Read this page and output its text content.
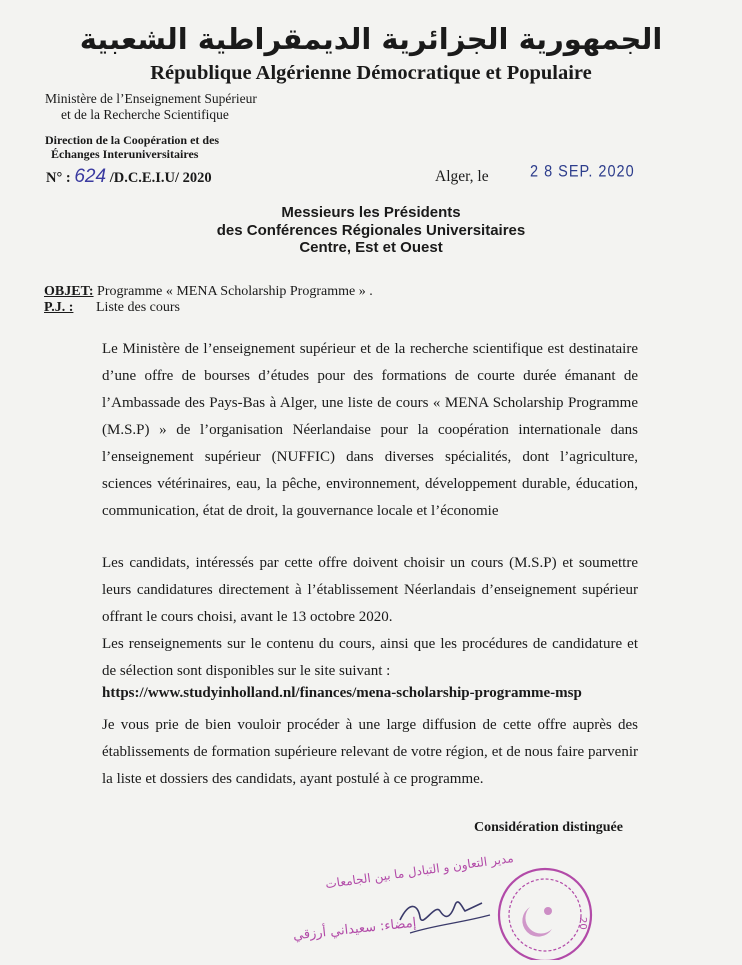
الجمهورية الجزائرية الديمقراطية الشعبية
République Algérienne Démocratique et Populaire
Ministère de l’Enseignement Supérieur
et de la Recherche Scientifique
Direction de la Coopération et des
Échanges Interuniversitaires
N° : 624 /D.C.E.I.U/ 2020	Alger, le	2 8 SEP. 2020
Messieurs les Présidents
des Conférences Régionales Universitaires
Centre, Est et Ouest
OBJET: Programme « MENA Scholarship Programme » .
P.J. : Liste des cours

Le Ministère de l’enseignement supérieur et de la recherche scientifique est destinataire d’une offre de bourses d’études pour des formations de courte durée émanant de l’Ambassade des Pays-Bas à Alger, une liste de cours « MENA Scholarship Programme (M.S.P) » de l’organisation Néerlandaise pour la coopération internationale dans l’enseignement supérieur (NUFFIC) dans diverses spécialités, dont l’agriculture, sciences vétérinaires, eau, la pêche, environnement, développement durable, éducation, communication, état de droit, la gouvernance locale et l’économie

Les candidats, intéressés par cette offre doivent choisir un cours (M.S.P) et soumettre leurs candidatures directement à l’établissement Néerlandais d’enseignement supérieur offrant le cours choisi, avant le 13 octobre 2020.

Les renseignements sur le contenu du cours, ainsi que les procédures de candidature et de sélection sont disponibles sur le site suivant :

https://www.studyinholland.nl/finances/mena-scholarship-programme-msp

Je vous prie de bien vouloir procéder à une large diffusion de cette offre auprès des établissements de formation supérieure relevant de votre région, et de nous faire parvenir la liste et dossiers des candidats, ayant postulé à ce programme.

Considération distinguée
مدير التعاون و التبادل ما بين الجامعات
إمضاء: سعيداني أرزقي	20
